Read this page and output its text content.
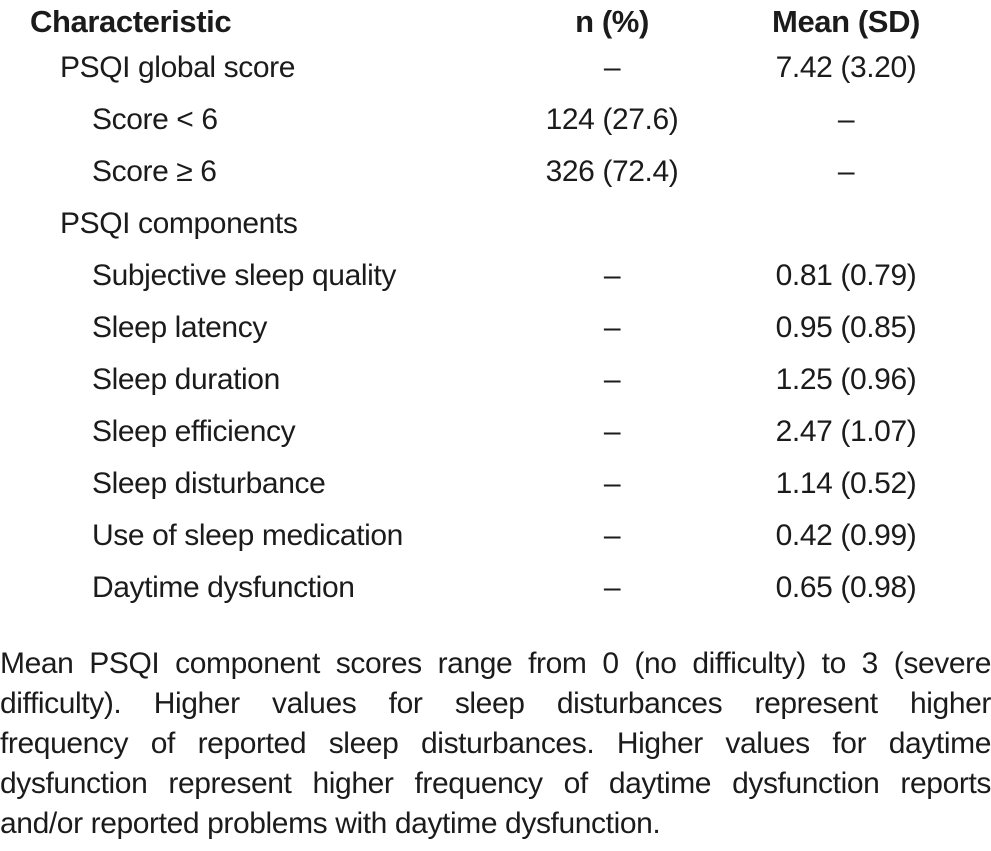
Characteristic	n (%)	Mean (SD)
PSQI global score	–	7.42 (3.20)
Score < 6	124 (27.6)	–
Score ≥ 6	326 (72.4)	–
PSQI components
Subjective sleep quality	–	0.81 (0.79)
Sleep latency	–	0.95 (0.85)
Sleep duration	–	1.25 (0.96)
Sleep efficiency	–	2.47 (1.07)
Sleep disturbance	–	1.14 (0.52)
Use of sleep medication	–	0.42 (0.99)
Daytime dysfunction	–	0.65 (0.98)
Mean PSQI component scores range from 0 (no difficulty) to 3 (severe
difficulty). Higher values for sleep disturbances represent higher
frequency of reported sleep disturbances. Higher values for daytime
dysfunction represent higher frequency of daytime dysfunction reports
and/or reported problems with daytime dysfunction.
